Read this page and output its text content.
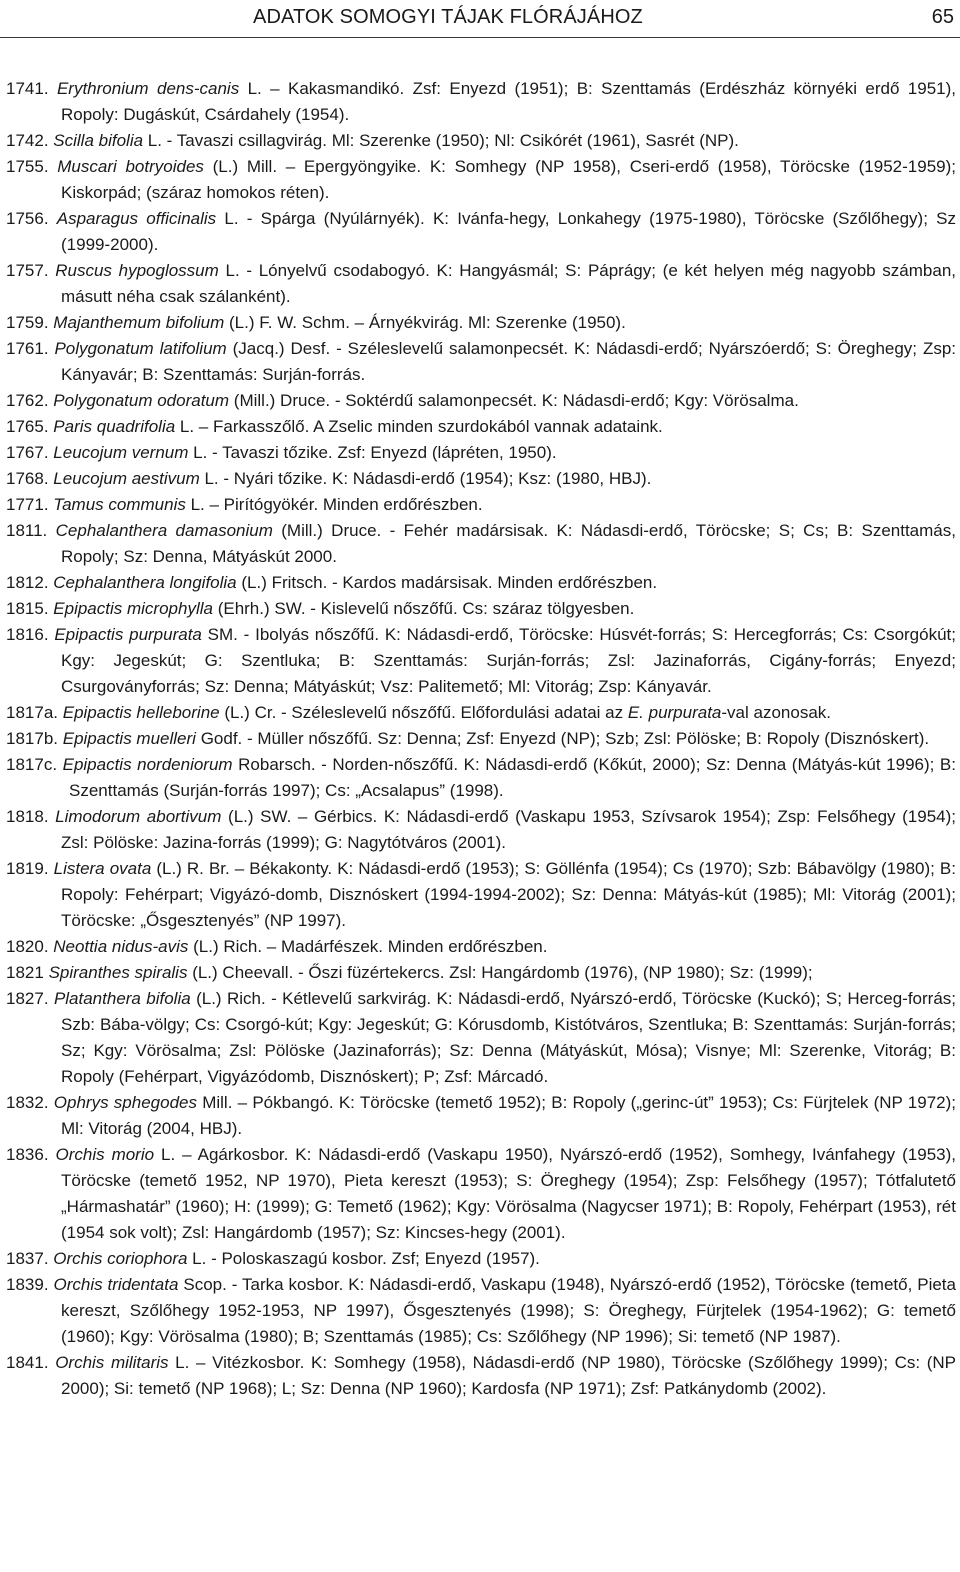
ADATOK SOMOGYI TÁJAK FLÓRÁJÁHOZ	65

1741. Erythronium dens-canis L. – Kakasmandikó. Zsf: Enyezd (1951); B: Szenttamás (Erdészház környéki erdő 1951), Ropoly: Dugáskút, Csárdahely (1954).

1742. Scilla bifolia L. - Tavaszi csillagvirág. Ml: Szerenke (1950); Nl: Csikórét (1961), Sasrét (NP).

1755. Muscari botryoides (L.) Mill. – Epergyöngyike. K: Somhegy (NP 1958), Cseri-erdő (1958), Töröcske (1952-1959); Kiskorpád; (száraz homokos réten).

1756. Asparagus officinalis L. - Spárga (Nyúlárnyék). K: Ivánfa-hegy, Lonkahegy (1975-1980), Töröcske (Szőlőhegy); Sz (1999-2000).

1757. Ruscus hypoglossum L. - Lónyelvű csodabogyó. K: Hangyásmál; S: Páprágy; (e két helyen még nagyobb számban, másutt néha csak szálanként).

1759. Majanthemum bifolium (L.) F. W. Schm. – Árnyékvirág. Ml: Szerenke (1950).

1761. Polygonatum latifolium (Jacq.) Desf. - Széleslevelű salamonpecsét. K: Nádasdi-erdő; Nyárszóerdő; S: Öreghegy; Zsp: Kányavár; B: Szenttamás: Surján-forrás.

1762. Polygonatum odoratum (Mill.) Druce. - Soktérdű salamonpecsét. K: Nádasdi-erdő; Kgy: Vörösalma.

1765. Paris quadrifolia L. – Farkasszőlő. A Zselic minden szurdokából vannak adataink.

1767. Leucojum vernum L. - Tavaszi tőzike. Zsf: Enyezd (lápréten, 1950).

1768. Leucojum aestivum L. - Nyári tőzike. K: Nádasdi-erdő (1954); Ksz: (1980, HBJ).

1771. Tamus communis L. – Pirítógyökér. Minden erdőrészben.

1811. Cephalanthera damasonium (Mill.) Druce. - Fehér madársisak. K: Nádasdi-erdő, Töröcske; S; Cs; B: Szenttamás, Ropoly; Sz: Denna, Mátyáskút 2000.

1812. Cephalanthera longifolia (L.) Fritsch. - Kardos madársisak. Minden erdőrészben.

1815. Epipactis microphylla (Ehrh.) SW. - Kislevelű nőszőfű. Cs: száraz tölgyesben.

1816. Epipactis purpurata SM. - Ibolyás nőszőfű. K: Nádasdi-erdő, Töröcske: Húsvét-forrás; S: Hercegforrás; Cs: Csorgókút; Kgy: Jegeskút; G: Szentluka; B: Szenttamás: Surján-forrás; Zsl: Jazinaforrás, Cigány-forrás; Enyezd; Csurgoványforrás; Sz: Denna; Mátyáskút; Vsz: Palitemető; Ml: Vitorág; Zsp: Kányavár.

1817a. Epipactis helleborine (L.) Cr. - Széleslevelű nőszőfű. Előfordulási adatai az E. purpurata-val azonosak.

1817b. Epipactis muelleri Godf. - Müller nőszőfű. Sz: Denna; Zsf: Enyezd (NP); Szb; Zsl: Pölöske; B: Ropoly (Disznóskert).

1817c. Epipactis nordeniorum Robarsch. - Norden-nőszőfű. K: Nádasdi-erdő (Kőkút, 2000); Sz: Denna (Mátyás-kút 1996); B: Szenttamás (Surján-forrás 1997); Cs: „Acsalapus” (1998).

1818. Limodorum abortivum (L.) SW. – Gérbics. K: Nádasdi-erdő (Vaskapu 1953, Szívsarok 1954); Zsp: Felsőhegy (1954); Zsl: Pölöske: Jazina-forrás (1999); G: Nagytótváros (2001).

1819. Listera ovata (L.) R. Br. – Békakonty. K: Nádasdi-erdő (1953); S: Göllénfa (1954); Cs (1970); Szb: Bábavölgy (1980); B: Ropoly: Fehérpart; Vigyázó-domb, Disznóskert (1994-1994-2002); Sz: Denna: Mátyás-kút (1985); Ml: Vitorág (2001); Töröcske: „Ősgesztenyés” (NP 1997).

1820. Neottia nidus-avis (L.) Rich. – Madárfészek. Minden erdőrészben.

1821 Spiranthes spiralis (L.) Cheevall. - Őszi füzértekercs. Zsl: Hangárdomb (1976), (NP 1980); Sz: (1999);

1827. Platanthera bifolia (L.) Rich. - Kétlevelű sarkvirág. K: Nádasdi-erdő, Nyárszó-erdő, Töröcske (Kuckó); S; Herceg-forrás; Szb: Bába-völgy; Cs: Csorgó-kút; Kgy: Jegeskút; G: Kórusdomb, Kistótváros, Szentluka; B: Szenttamás: Surján-forrás; Sz; Kgy: Vörösalma; Zsl: Pölöske (Jazinaforrás); Sz: Denna (Mátyáskút, Mósa); Visnye; Ml: Szerenke, Vitorág; B: Ropoly (Fehérpart, Vigyázódomb, Disznóskert); P; Zsf: Márcadó.

1832. Ophrys sphegodes Mill. – Pókbangó. K: Töröcske (temető 1952); B: Ropoly („gerinc-út” 1953); Cs: Fürjtelek (NP 1972); Ml: Vitorág (2004, HBJ).

1836. Orchis morio L. – Agárkosbor. K: Nádasdi-erdő (Vaskapu 1950), Nyárszó-erdő (1952), Somhegy, Ivánfahegy (1953), Töröcske (temető 1952, NP 1970), Pieta kereszt (1953); S: Öreghegy (1954); Zsp: Felsőhegy (1957); Tótfalutető „Hármashatár” (1960); H: (1999); G: Temető (1962); Kgy: Vörösalma (Nagycser 1971); B: Ropoly, Fehérpart (1953), rét (1954 sok volt); Zsl: Hangárdomb (1957); Sz: Kincses-hegy (2001).

1837. Orchis coriophora L. - Poloskaszagú kosbor. Zsf; Enyezd (1957).

1839. Orchis tridentata Scop. - Tarka kosbor. K: Nádasdi-erdő, Vaskapu (1948), Nyárszó-erdő (1952), Töröcske (temető, Pieta kereszt, Szőlőhegy 1952-1953, NP 1997), Ősgesztenyés (1998); S: Öreghegy, Fürjtelek (1954-1962); G: temető (1960); Kgy: Vörösalma (1980); B; Szenttamás (1985); Cs: Szőlőhegy (NP 1996); Si: temető (NP 1987).

1841. Orchis militaris L. – Vitézkosbor. K: Somhegy (1958), Nádasdi-erdő (NP 1980), Töröcske (Szőlőhegy 1999); Cs: (NP 2000); Si: temető (NP 1968); L; Sz: Denna (NP 1960); Kardosfa (NP 1971); Zsf: Patkánydomb (2002).
